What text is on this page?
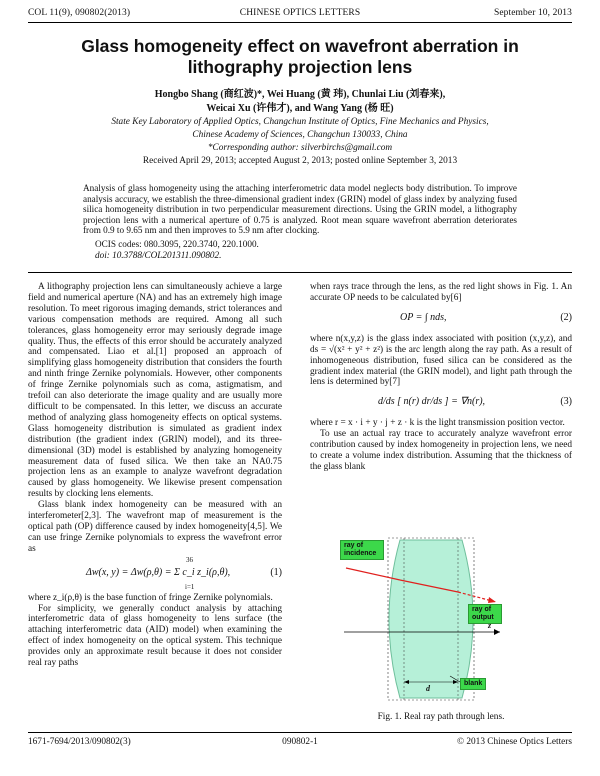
COL 11(9), 090802(2013)	CHINESE OPTICS LETTERS	September 10, 2013
Glass homogeneity effect on wavefront aberration in lithography projection lens
Hongbo Shang (商红波)*, Wei Huang (黄 玮), Chunlai Liu (刘春来),
Weicai Xu (许伟才), and Wang Yang (杨 旺)
State Key Laboratory of Applied Optics, Changchun Institute of Optics, Fine Mechanics and Physics,
Chinese Academy of Sciences, Changchun 130033, China
*Corresponding author: silverbirchs@gmail.com
Received April 29, 2013; accepted August 2, 2013; posted online September 3, 2013
Analysis of glass homogeneity using the attaching interferometric data model neglects body distribution. To improve analysis accuracy, we establish the three-dimensional gradient index (GRIN) model of glass index by analyzing fused silica homogeneity distribution in two perpendicular measurement directions. Using the GRIN model, a lithography projection lens with a numerical aperture of 0.75 is analyzed. Root mean square wavefront aberration deteriorates from 0.9 to 9.65 nm and then improves to 5.9 nm after clocking.
OCIS codes: 080.3095, 220.3740, 220.1000.
doi: 10.3788/COL201311.090802.

A lithography projection lens can simultaneously achieve a large field and numerical aperture (NA) and has an extremely high image resolution. To meet rigorous imaging demands, strict tolerances and various compensation methods are required. Among all such tolerances, glass homogeneity error may seriously degrade image quality. Thus, the effects of this error should be accurately analyzed and compensated. Liao et al.[1] proposed an approach of simplifying glass homogeneity distribution that considers the fourth and ninth fringe Zernike polynomials. However, other components of fringe Zernike polynomials such as coma, astigmatism, and trefoil can also deteriorate the image quality and are usually more difficult to be compensated. In this letter, we discuss an accurate method of analyzing glass homogeneity effects on optical systems. Glass homogeneity distribution is simulated as gradient index distribution (the gradient index (GRIN) model), and its three-dimensional (3D) model is established by analyzing homogeneity measurement data of fused silica. We then take an NA0.75 projection lens as an example to analyze wavefront degradation caused by glass homogeneity. We likewise present compensation results by clocking lens elements.

Glass blank index homogeneity can be measured with an interferometer[2,3]. The wavefront map of measurement is the optical path (OP) difference caused by index homogeneity[4,5]. We can use fringe Zernike polynomials to express the wavefront error as

Δw(x, y) = Δw(ρ,θ) = Σ c_i z_i(ρ,θ),
36
i=1
(1)

where z_i(ρ,θ) is the base function of fringe Zernike polynomials.

For simplicity, we generally conduct analysis by attaching interferometric data of glass homogeneity to lens surface (the attaching interferometric data (AID) model) when examining the effect of index homogeneity on the optical system. This technique provides only an approximate result because it does not consider real ray paths

when rays trace through the lens, as the red light shows in Fig. 1. An accurate OP needs to be calculated by[6]

OP = ∫ nds,	(2)

where n(x,y,z) is the glass index associated with position (x,y,z), and ds = √(x² + y² + z²) is the arc length along the ray path. As a result of inhomogeneous distribution, fused silica can be considered as the gradient index material (the GRIN model), and light path through the lens is determined by[7]

d/ds [ n(r) dr/ds ] = ∇n(r),	(3)

where r = x · i + y · j + z · k is the light transmission position vector.

To use an actual ray trace to accurately analyze wavefront error contribution caused by index homogeneity in projection lens, we need to create a volume index distribution. Assuming that the thickness of the glass blank

ray of incidence
ray of output
blank
z
d
Fig. 1. Real ray path through lens.
1671-7694/2013/090802(3)	090802-1	© 2013 Chinese Optics Letters
